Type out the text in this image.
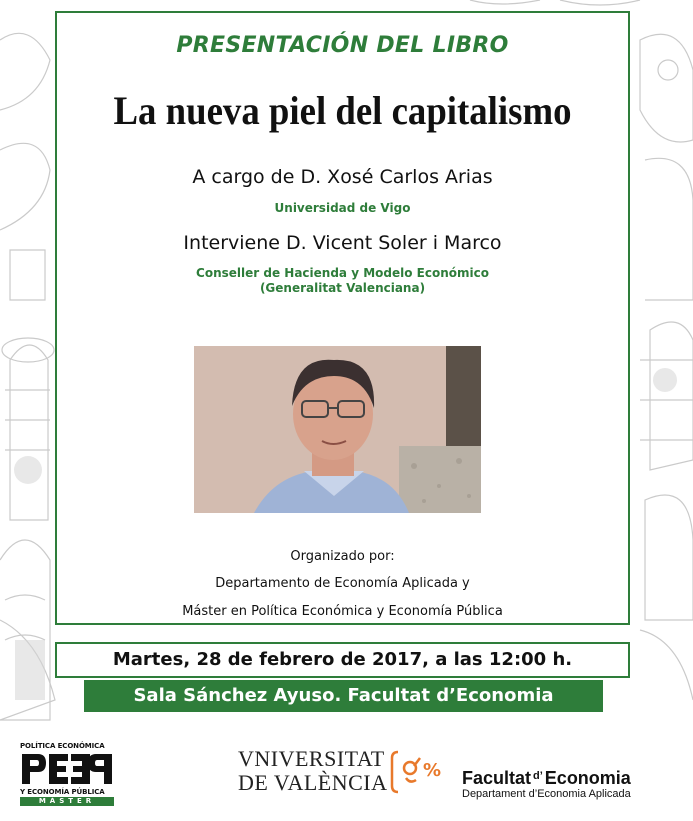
PRESENTACIÓN DEL LIBRO
La nueva piel del capitalismo
A cargo de D. Xosé Carlos Arias
Universidad de Vigo
Interviene D. Vicent Soler i Marco
Conseller de Hacienda y Modelo Económico
(Generalitat Valenciana)
Organizado por:
Departamento de Economía Aplicada y
Máster en Política Económica y Economía Pública
Martes, 28 de febrero de 2017, a las 12:00 h.
Sala Sánchez Ayuso. Facultat d’Economia
POLÍTICA ECONÓMICA
Y ECONOMÍA PÚBLICA
MÀSTER
VNIVERSITAT
DE VALÈNCIA % Facultat $^{d’}$ Economia
Departament d’Economia Aplicada
